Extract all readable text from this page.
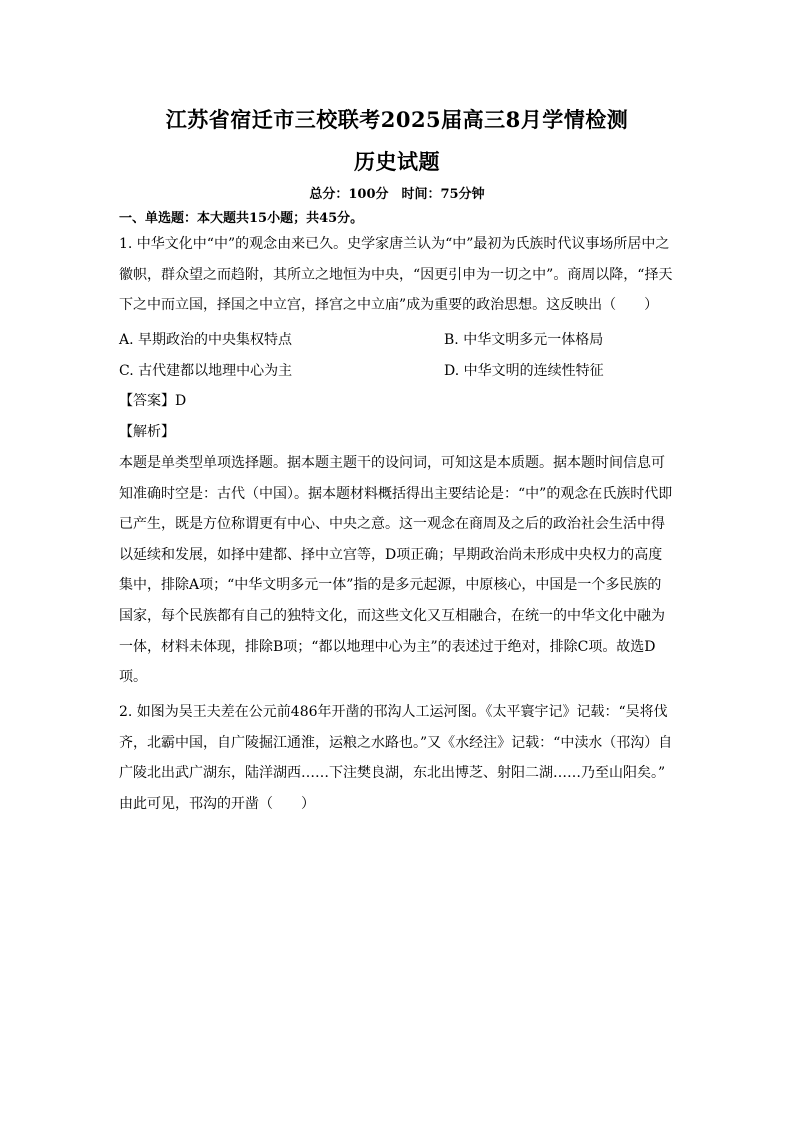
江苏省宿迁市三校联考2025届高三8月学情检测
历史试题
总分：100分　时间：75分钟
一、单选题：本大题共15小题；共45分。
1. 中华文化中“中”的观念由来已久。史学家唐兰认为“中”最初为氏族时代议事场所居中之
徽帜，群众望之而趋附，其所立之地恒为中央，“因更引申为一切之中”。商周以降，“择天
下之中而立国，择国之中立宫，择宫之中立庙”成为重要的政治思想。这反映出（　　）
A. 早期政治的中央集权特点	B. 中华文明多元一体格局
C. 古代建都以地理中心为主	D. 中华文明的连续性特征
【答案】D
【解析】
本题是单类型单项选择题。据本题主题干的设问词，可知这是本质题。据本题时间信息可
知准确时空是：古代（中国）。据本题材料概括得出主要结论是：“中”的观念在氏族时代即
已产生，既是方位称谓更有中心、中央之意。这一观念在商周及之后的政治社会生活中得
以延续和发展，如择中建都、择中立宫等，D项正确；早期政治尚未形成中央权力的高度
集中，排除A项；“中华文明多元一体”指的是多元起源，中原核心，中国是一个多民族的
国家，每个民族都有自己的独特文化，而这些文化又互相融合，在统一的中华文化中融为
一体，材料未体现，排除B项；“都以地理中心为主”的表述过于绝对，排除C项。故选D
项。
2. 如图为吴王夫差在公元前486年开凿的邗沟人工运河图。《太平寰宇记》记载：“吴将伐
齐，北霸中国，自广陵掘江通淮，运粮之水路也。”又《水经注》记载：“中渎水（邗沟）自
广陵北出武广湖东，陆洋湖西……下注樊良湖，东北出博芝、射阳二湖……乃至山阳矣。”
由此可见，邗沟的开凿（　　）
